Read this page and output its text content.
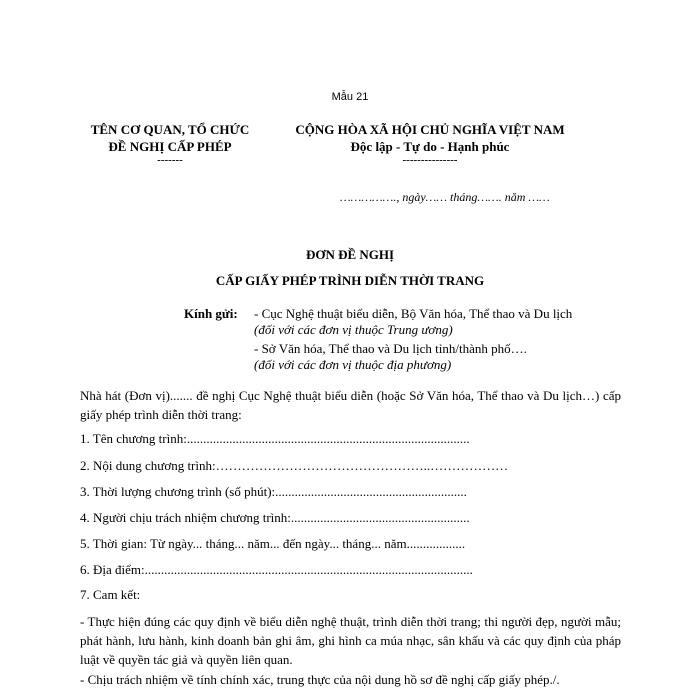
Mẫu 21
TÊN CƠ QUAN, TỔ CHỨC
ĐỀ NGHỊ CẤP PHÉP
-------
CỘNG HÒA XÃ HỘI CHỦ NGHĨA VIỆT NAM
Độc lập - Tự do - Hạnh phúc
---------------
……………., ngày…… tháng……. năm ……
ĐƠN ĐỀ NGHỊ
CẤP GIẤY PHÉP TRÌNH DIỄN THỜI TRANG
Kính gửi: - Cục Nghệ thuật biểu diễn, Bộ Văn hóa, Thể thao và Du lịch
(đối với các đơn vị thuộc Trung ương)
- Sở Văn hóa, Thể thao và Du lịch tỉnh/thành phố….
(đối với các đơn vị thuộc địa phương)
Nhà hát (Đơn vị)....... đề nghị Cục Nghệ thuật biểu diễn (hoặc Sở Văn hóa, Thể thao và Du lịch…) cấp giấy phép trình diễn thời trang:
1. Tên chương trình:.......................................................................................
2. Nội dung chương trình:…………………………………………..………………
3. Thời lượng chương trình (số phút):...........................................................
4. Người chịu trách nhiệm chương trình:.......................................................
5. Thời gian: Từ ngày... tháng... năm... đến ngày... tháng... năm..................
6. Địa điểm:.....................................................................................................
7. Cam kết:
- Thực hiện đúng các quy định về biểu diễn nghệ thuật, trình diễn thời trang; thi người đẹp, người mẫu; phát hành, lưu hành, kinh doanh bản ghi âm, ghi hình ca múa nhạc, sân khấu và các quy định của pháp luật về quyền tác giả và quyền liên quan.
- Chịu trách nhiệm về tính chính xác, trung thực của nội dung hồ sơ đề nghị cấp giấy phép./.
